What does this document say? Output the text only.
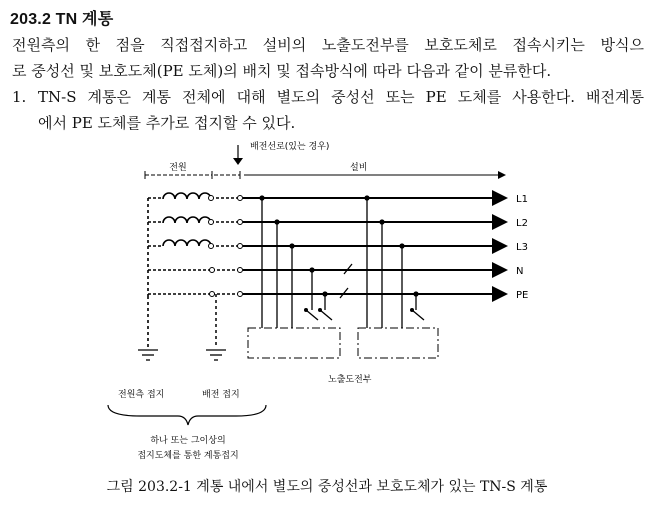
203.2 TN 계통
전원측의 한 점을 직접접지하고 설비의 노출도전부를 보호도체로 접속시키는 방식으
로 중성선 및 보호도체(PE 도체)의 배치 및 접속방식에 따라 다음과 같이 분류한다.
1. TN-S 계통은 계통 전체에 대해 별도의 중성선 또는 PE 도체를 사용한다. 배전계통
에서 PE 도체를 추가로 접지할 수 있다.
전원
배전선로(있는 경우)
설비
L1
L2
L3
N
PE
노출도전부
전원측 접지	배전 접지
하나 또는 그이상의
접지도체를 통한 계통접지
그림 203.2-1 계통 내에서 별도의 중성선과 보호도체가 있는 TN-S 계통
